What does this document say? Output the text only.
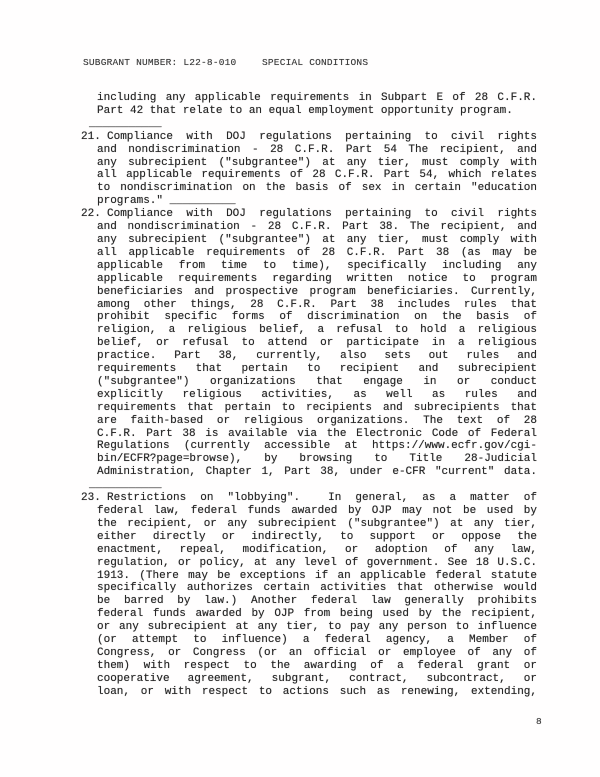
SUBGRANT NUMBER: L22-8-010	SPECIAL CONDITIONS
including any applicable requirements in Subpart E of 28 C.F.R.
Part 42 that relate to an equal employment opportunity program.
___________
21. Compliance with DOJ regulations pertaining to civil rights
and nondiscrimination - 28 C.F.R. Part 54 The recipient, and
any subrecipient ("subgrantee") at any tier, must comply with
all applicable requirements of 28 C.F.R. Part 54, which relates
to nondiscrimination on the basis of sex in certain "education
programs." __________
22. Compliance with DOJ regulations pertaining to civil rights
and nondiscrimination - 28 C.F.R. Part 38. The recipient, and
any subrecipient ("subgrantee") at any tier, must comply with
all applicable requirements of 28 C.F.R. Part 38 (as may be
applicable from time to time), specifically including any
applicable requirements regarding written notice to program
beneficiaries and prospective program beneficiaries. Currently,
among other things, 28 C.F.R. Part 38 includes rules that
prohibit specific forms of discrimination on the basis of
religion, a religious belief, a refusal to hold a religious
belief, or refusal to attend or participate in a religious
practice. Part 38, currently, also sets out rules and
requirements that pertain to recipient and subrecipient
("subgrantee") organizations that engage in or conduct
explicitly religious activities, as well as rules and
requirements that pertain to recipients and subrecipients that
are faith-based or religious organizations. The text of 28
C.F.R. Part 38 is available via the Electronic Code of Federal
Regulations (currently accessible at https://www.ecfr.gov/cgi-
bin/ECFR?page=browse), by browsing to Title 28-Judicial
Administration, Chapter 1, Part 38, under e-CFR "current" data.
___________
23. Restrictions on "lobbying".  In general, as a matter of
federal law, federal funds awarded by OJP may not be used by
the recipient, or any subrecipient ("subgrantee") at any tier,
either directly or indirectly, to support or oppose the
enactment, repeal, modification, or adoption of any law,
regulation, or policy, at any level of government. See 18 U.S.C.
1913. (There may be exceptions if an applicable federal statute
specifically authorizes certain activities that otherwise would
be barred by law.) Another federal law generally prohibits
federal funds awarded by OJP from being used by the recipient,
or any subrecipient at any tier, to pay any person to influence
(or attempt to influence) a federal agency, a Member of
Congress, or Congress (or an official or employee of any of
them) with respect to the awarding of a federal grant or
cooperative agreement, subgrant, contract, subcontract, or
loan, or with respect to actions such as renewing, extending,
8
